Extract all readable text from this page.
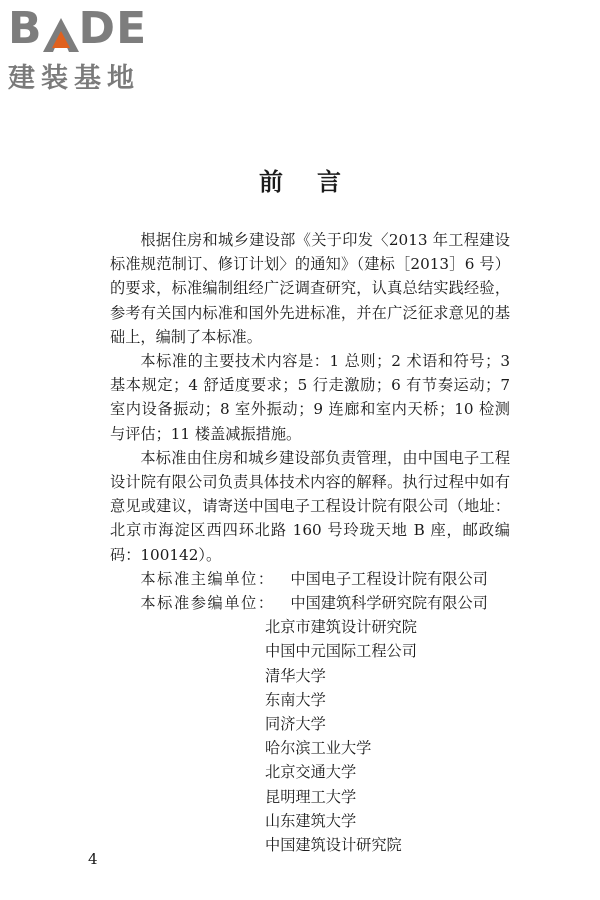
B DE
建装基地
前言

根据住房和城乡建设部《关于印发〈2013 年工程建设标准规范制订、修订计划〉的通知》（建标［2013］6 号）的要求，标准编制组经广泛调查研究，认真总结实践经验，参考有关国内标准和国外先进标准，并在广泛征求意见的基础上，编制了本标准。

本标准的主要技术内容是：1 总则；2 术语和符号；3 基本规定；4 舒适度要求；5 行走激励；6 有节奏运动；7 室内设备振动；8 室外振动；9 连廊和室内天桥；10 检测与评估；11 楼盖减振措施。

本标准由住房和城乡建设部负责管理，由中国电子工程设计院有限公司负责具体技术内容的解释。执行过程中如有意见或建议，请寄送中国电子工程设计院有限公司（地址：北京市海淀区西四环北路 160 号玲珑天地 B 座，邮政编码：100142）。

本标准主编单位：	中国电子工程设计院有限公司
本标准参编单位：	中国建筑科学研究院有限公司
北京市建筑设计研究院
中国中元国际工程公司
清华大学
东南大学
同济大学
哈尔滨工业大学
北京交通大学
昆明理工大学
山东建筑大学
中国建筑设计研究院
4
